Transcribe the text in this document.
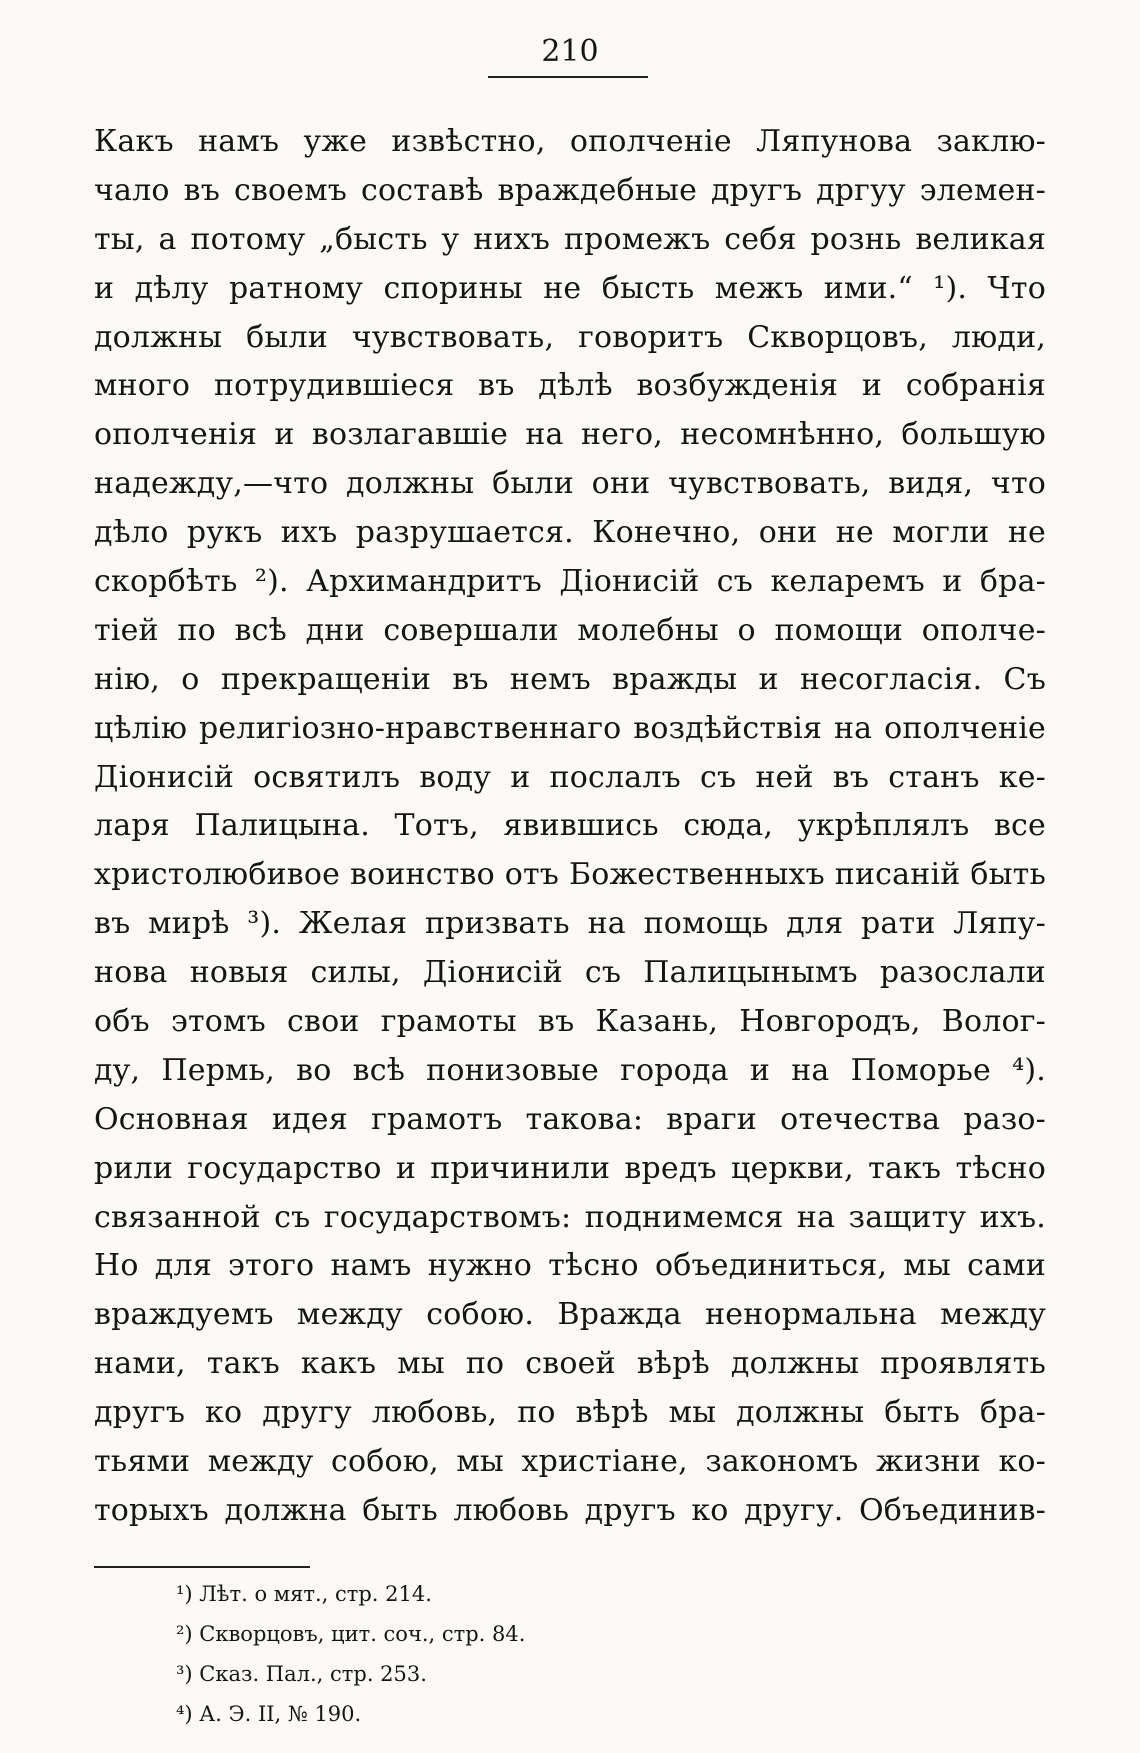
210
Какъ намъ уже извѣстно, ополченіе Ляпунова заклю-
чало въ своемъ составѣ враждебные другъ дргуу элемен-
ты, а потому „бысть у нихъ промежъ себя рознь великая
и дѣлу ратному спорины не бысть межъ ими.“ ¹). Что
должны были чувствовать, говоритъ Скворцовъ, люди,
много потрудившіеся въ дѣлѣ возбужденія и собранія
ополченія и возлагавшіе на него, несомнѣнно, большую
надежду,—что должны были они чувствовать, видя, что
дѣло рукъ ихъ разрушается. Конечно, они не могли не
скорбѣть ²). Архимандритъ Діонисій съ келаремъ и бра-
тіей по всѣ дни совершали молебны о помощи ополче-
нію, о прекращеніи въ немъ вражды и несогласія. Съ
цѣлію религіозно-нравственнаго воздѣйствія на ополченіе
Діонисій освятилъ воду и послалъ съ ней въ станъ ке-
ларя Палицына. Тотъ, явившись сюда, укрѣплялъ все
христолюбивое воинство отъ Божественныхъ писаній быть
въ мирѣ ³). Желая призвать на помощь для рати Ляпу-
нова новыя силы, Діонисій съ Палицынымъ разослали
объ этомъ свои грамоты въ Казань, Новгородъ, Волог-
ду, Пермь, во всѣ понизовые города и на Поморье ⁴).
Основная идея грамотъ такова: враги отечества разо-
рили государство и причинили вредъ церкви, такъ тѣсно
связанной съ государствомъ: поднимемся на защиту ихъ.
Но для этого намъ нужно тѣсно объединиться, мы сами
враждуемъ между собою. Вражда ненормальна между
нами, такъ какъ мы по своей вѣрѣ должны проявлять
другъ ко другу любовь, по вѣрѣ мы должны быть бра-
тьями между собою, мы христіане, закономъ жизни ко-
торыхъ должна быть любовь другъ ко другу. Объединив-
¹) Лѣт. о мят., стр. 214.
²) Скворцовъ, цит. соч., стр. 84.
³) Сказ. Пал., стр. 253.
⁴) А. Э. II, № 190.
